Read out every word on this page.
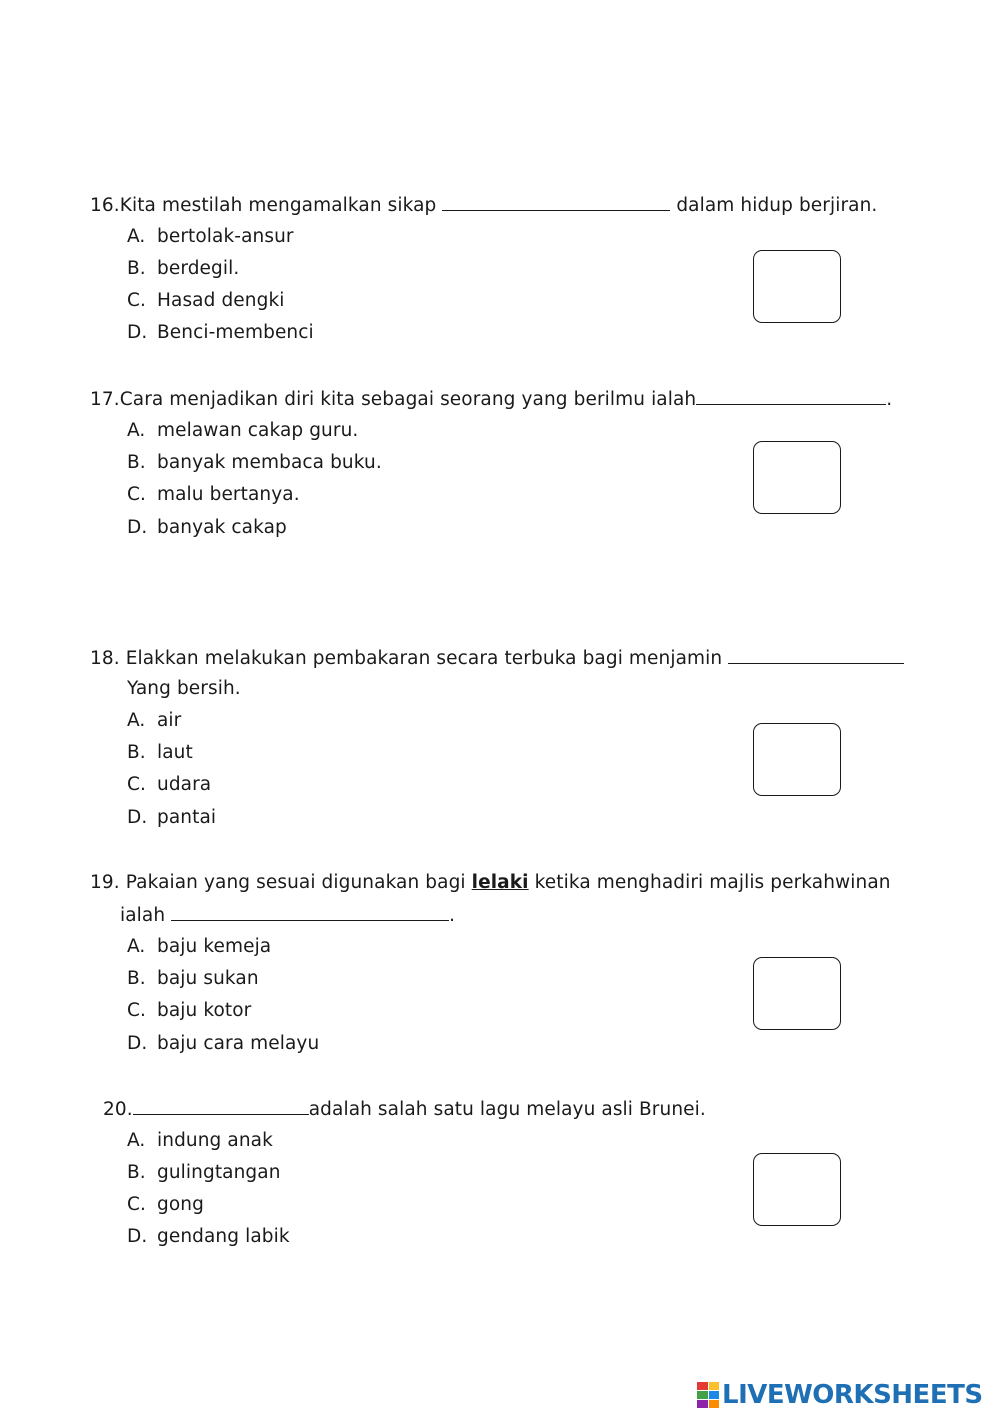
16.Kita mestilah mengamalkan sikap	dalam hidup berjiran.
A. bertolak-ansur
B. berdegil.
C. Hasad dengki
D. Benci-membenci
17.Cara menjadikan diri kita sebagai seorang yang berilmu ialah	.
A. melawan cakap guru.
B. banyak membaca buku.
C. malu bertanya.
D. banyak cakap
18. Elakkan melakukan pembakaran secara terbuka bagi menjamin
Yang bersih.
A. air
B. laut
C. udara
D. pantai
19. Pakaian yang sesuai digunakan bagi lelaki ketika menghadiri majlis perkahwinan
ialah	.
A. baju kemeja
B. baju sukan
C. baju kotor
D. baju cara melayu
20.	adalah salah satu lagu melayu asli Brunei.
A. indung anak
B. gulingtangan
C. gong
D. gendang labik
LIVEWORKSHEETS
